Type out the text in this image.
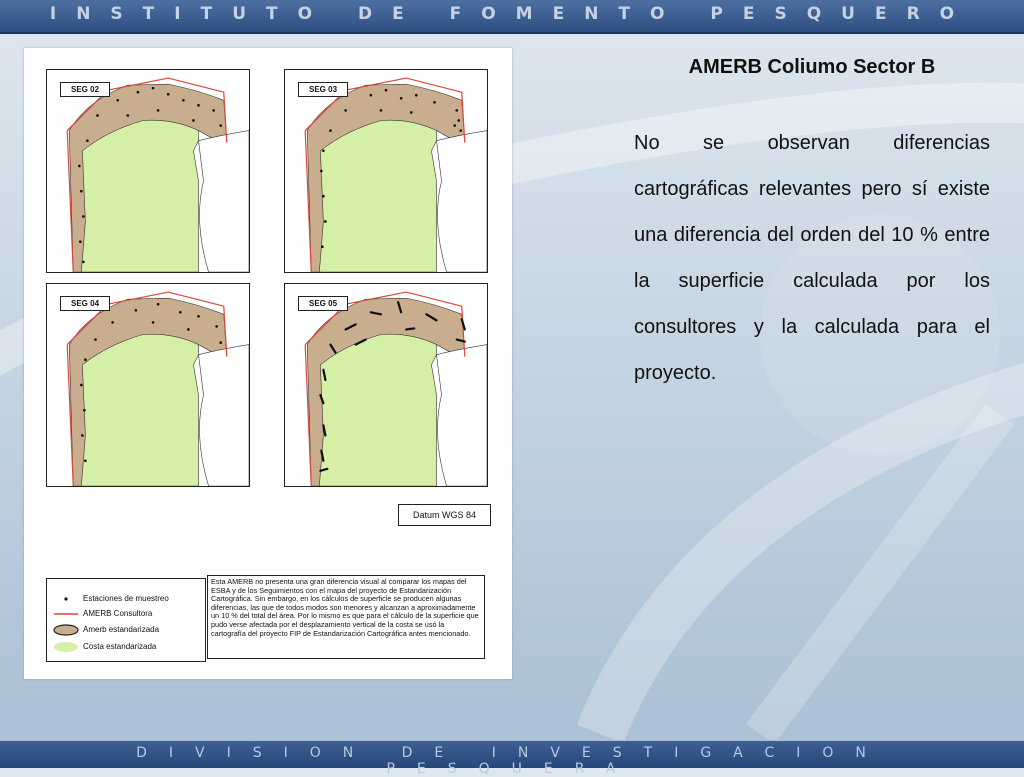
INSTITUTO DE FOMENTO PESQUERO
SEG 02	SEG 03
SEG 04	SEG 05
Datum WGS 84
Estaciones de muestreo
AMERB Consultora
Amerb estandarizada
Costa estandarizada
Esta AMERB no presenta una gran diferencia visual al comparar los mapas del ESBA y de los Seguimientos con el mapa del proyecto de Estandarización Cartográfica. Sin embargo, en los cálculos de superficie se producen algunas diferencias, las que de todos modos son menores y alcanzan a aproximadamente un 10 % del total del área. Por lo mismo es que para el cálculo de la superficie que pudo verse afectada por el desplazamiento vertical de la costa se usó la cartografía del proyecto FIP de Estandarización Cartográfica antes mencionado.
AMERB Coliumo Sector B
No se observan diferencias cartográficas relevantes pero sí existe una diferencia del orden del 10 % entre la superficie calculada por los consultores y la calculada para el proyecto.
DIVISION DE INVESTIGACION PESQUERA
